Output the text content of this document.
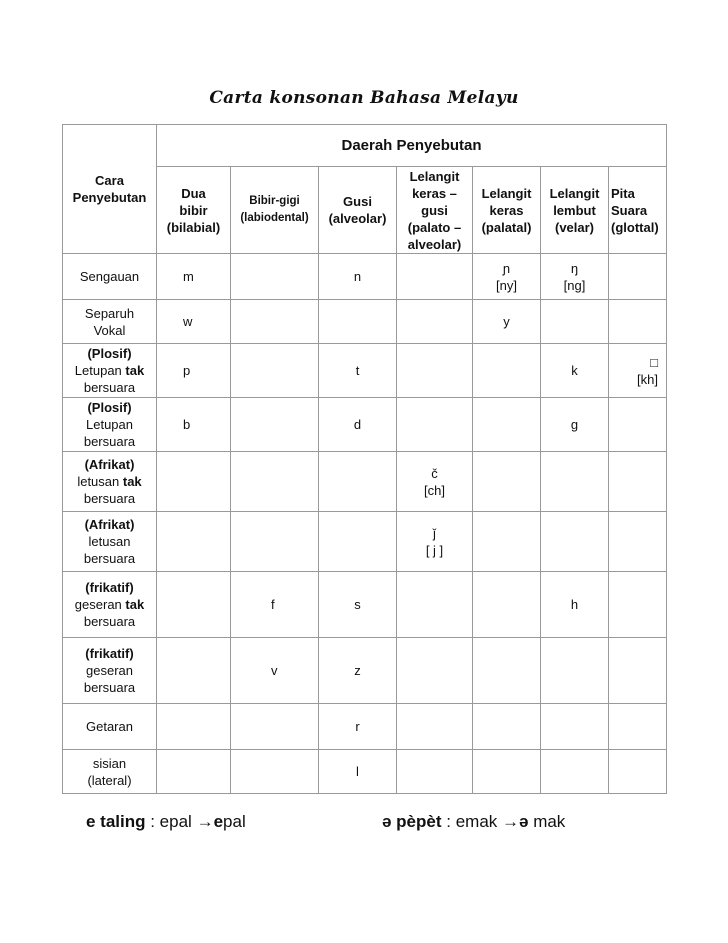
Carta konsonan Bahasa Melayu
Cara
Penyebutan	Daerah Penyebutan						
	Dua
bibir
(bilabial)	Bibir-gigi
(labiodental)	Gusi
(alveolar)	Lelangit
keras –
gusi
(palato –
alveolar)	Lelangit
keras
(palatal)	Lelangit
lembut
(velar)	Pita
Suara
(glottal)
Sengauan	m		n		ɲ
[ny]	ŋ
[ng]	
Separuh
Vokal	w				y		
(Plosif)
Letupan tak
bersuara	p		t			k	□
[kh]
(Plosif)
Letupan
bersuara	b		d			g	
(Afrikat)
letusan tak
bersuara				č
[ch]			
(Afrikat)
letusan
bersuara				ǰ
[ j ]			
(frikatif)
geseran tak
bersuara		f	s			h	
(frikatif)
geseran
bersuara		v	z				
Getaran			r				
sisian
(lateral)			l				
e taling : epal →epal	ə pèpèt : emak →ə mak
